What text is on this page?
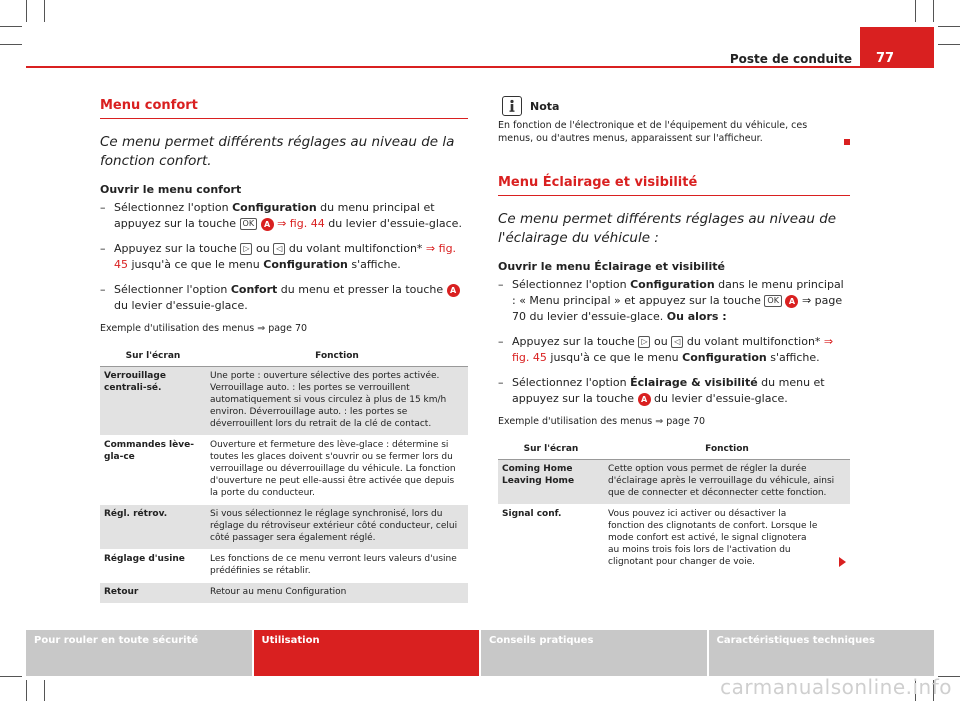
Poste de conduite 77
Menu confort

Ce menu permet différents réglages au niveau de la fonction confort.

Ouvrir le menu confort

– Sélectionnez l'option Configuration du menu principal et appuyez sur la touche OK A ⇒ fig. 44 du levier d'essuie-glace.
– Appuyez sur la touche ▷ ou ◁ du volant multifonction* ⇒ fig. 45 jusqu'à ce que le menu Configuration s'affiche.
– Sélectionner l'option Confort du menu et presser la touche A du levier d'essuie-glace.

Exemple d'utilisation des menus ⇒ page 70

Sur l'écran	Fonction
Verrouillage centrali-sé.	Une porte : ouverture sélective des portes activée. Verrouillage auto. : les portes se verrouillent automatiquement si vous circulez à plus de 15 km/h environ. Déverrouillage auto. : les portes se déverrouillent lors du retrait de la clé de contact.
Commandes lève-gla-ce	Ouverture et fermeture des lève-glace : détermine si toutes les glaces doivent s'ouvrir ou se fermer lors du verrouillage ou déverrouillage du véhicule. La fonction d'ouverture ne peut elle-aussi être activée que depuis la porte du conducteur.
Régl. rétrov.	Si vous sélectionnez le réglage synchronisé, lors du réglage du rétroviseur extérieur côté conducteur, celui côté passager sera également réglé.
Réglage d'usine	Les fonctions de ce menu verront leurs valeurs d'usine prédéfinies se rétablir.
Retour	Retour au menu Configuration
Nota

En fonction de l'électronique et de l'équipement du véhicule, ces menus, ou d'autres menus, apparaissent sur l'afficheur.

Menu Éclairage et visibilité

Ce menu permet différents réglages au niveau de l'éclairage du véhicule :

Ouvrir le menu Éclairage et visibilité

– Sélectionnez l'option Configuration dans le menu principal : « Menu principal » et appuyez sur la touche OK A ⇒ page 70 du levier d'essuie-glace. Ou alors :
– Appuyez sur la touche ▷ ou ◁ du volant multifonction* ⇒ fig. 45 jusqu'à ce que le menu Configuration s'affiche.
– Sélectionnez l'option Éclairage & visibilité du menu et appuyez sur la touche A du levier d'essuie-glace.

Exemple d'utilisation des menus ⇒ page 70

Sur l'écran	Fonction
Coming Home Leaving Home	Cette option vous permet de régler la durée d'éclairage après le verrouillage du véhicule, ainsi que de connecter et déconnecter cette fonction.
Signal conf.	Vous pouvez ici activer ou désactiver la fonction des clignotants de confort. Lorsque le mode confort est activé, le signal clignotera au moins trois fois lors de l'activation du clignotant pour changer de voie.
Pour rouler en toute sécurité	Utilisation	Conseils pratiques	Caractéristiques techniques
carmanualsonline.info
